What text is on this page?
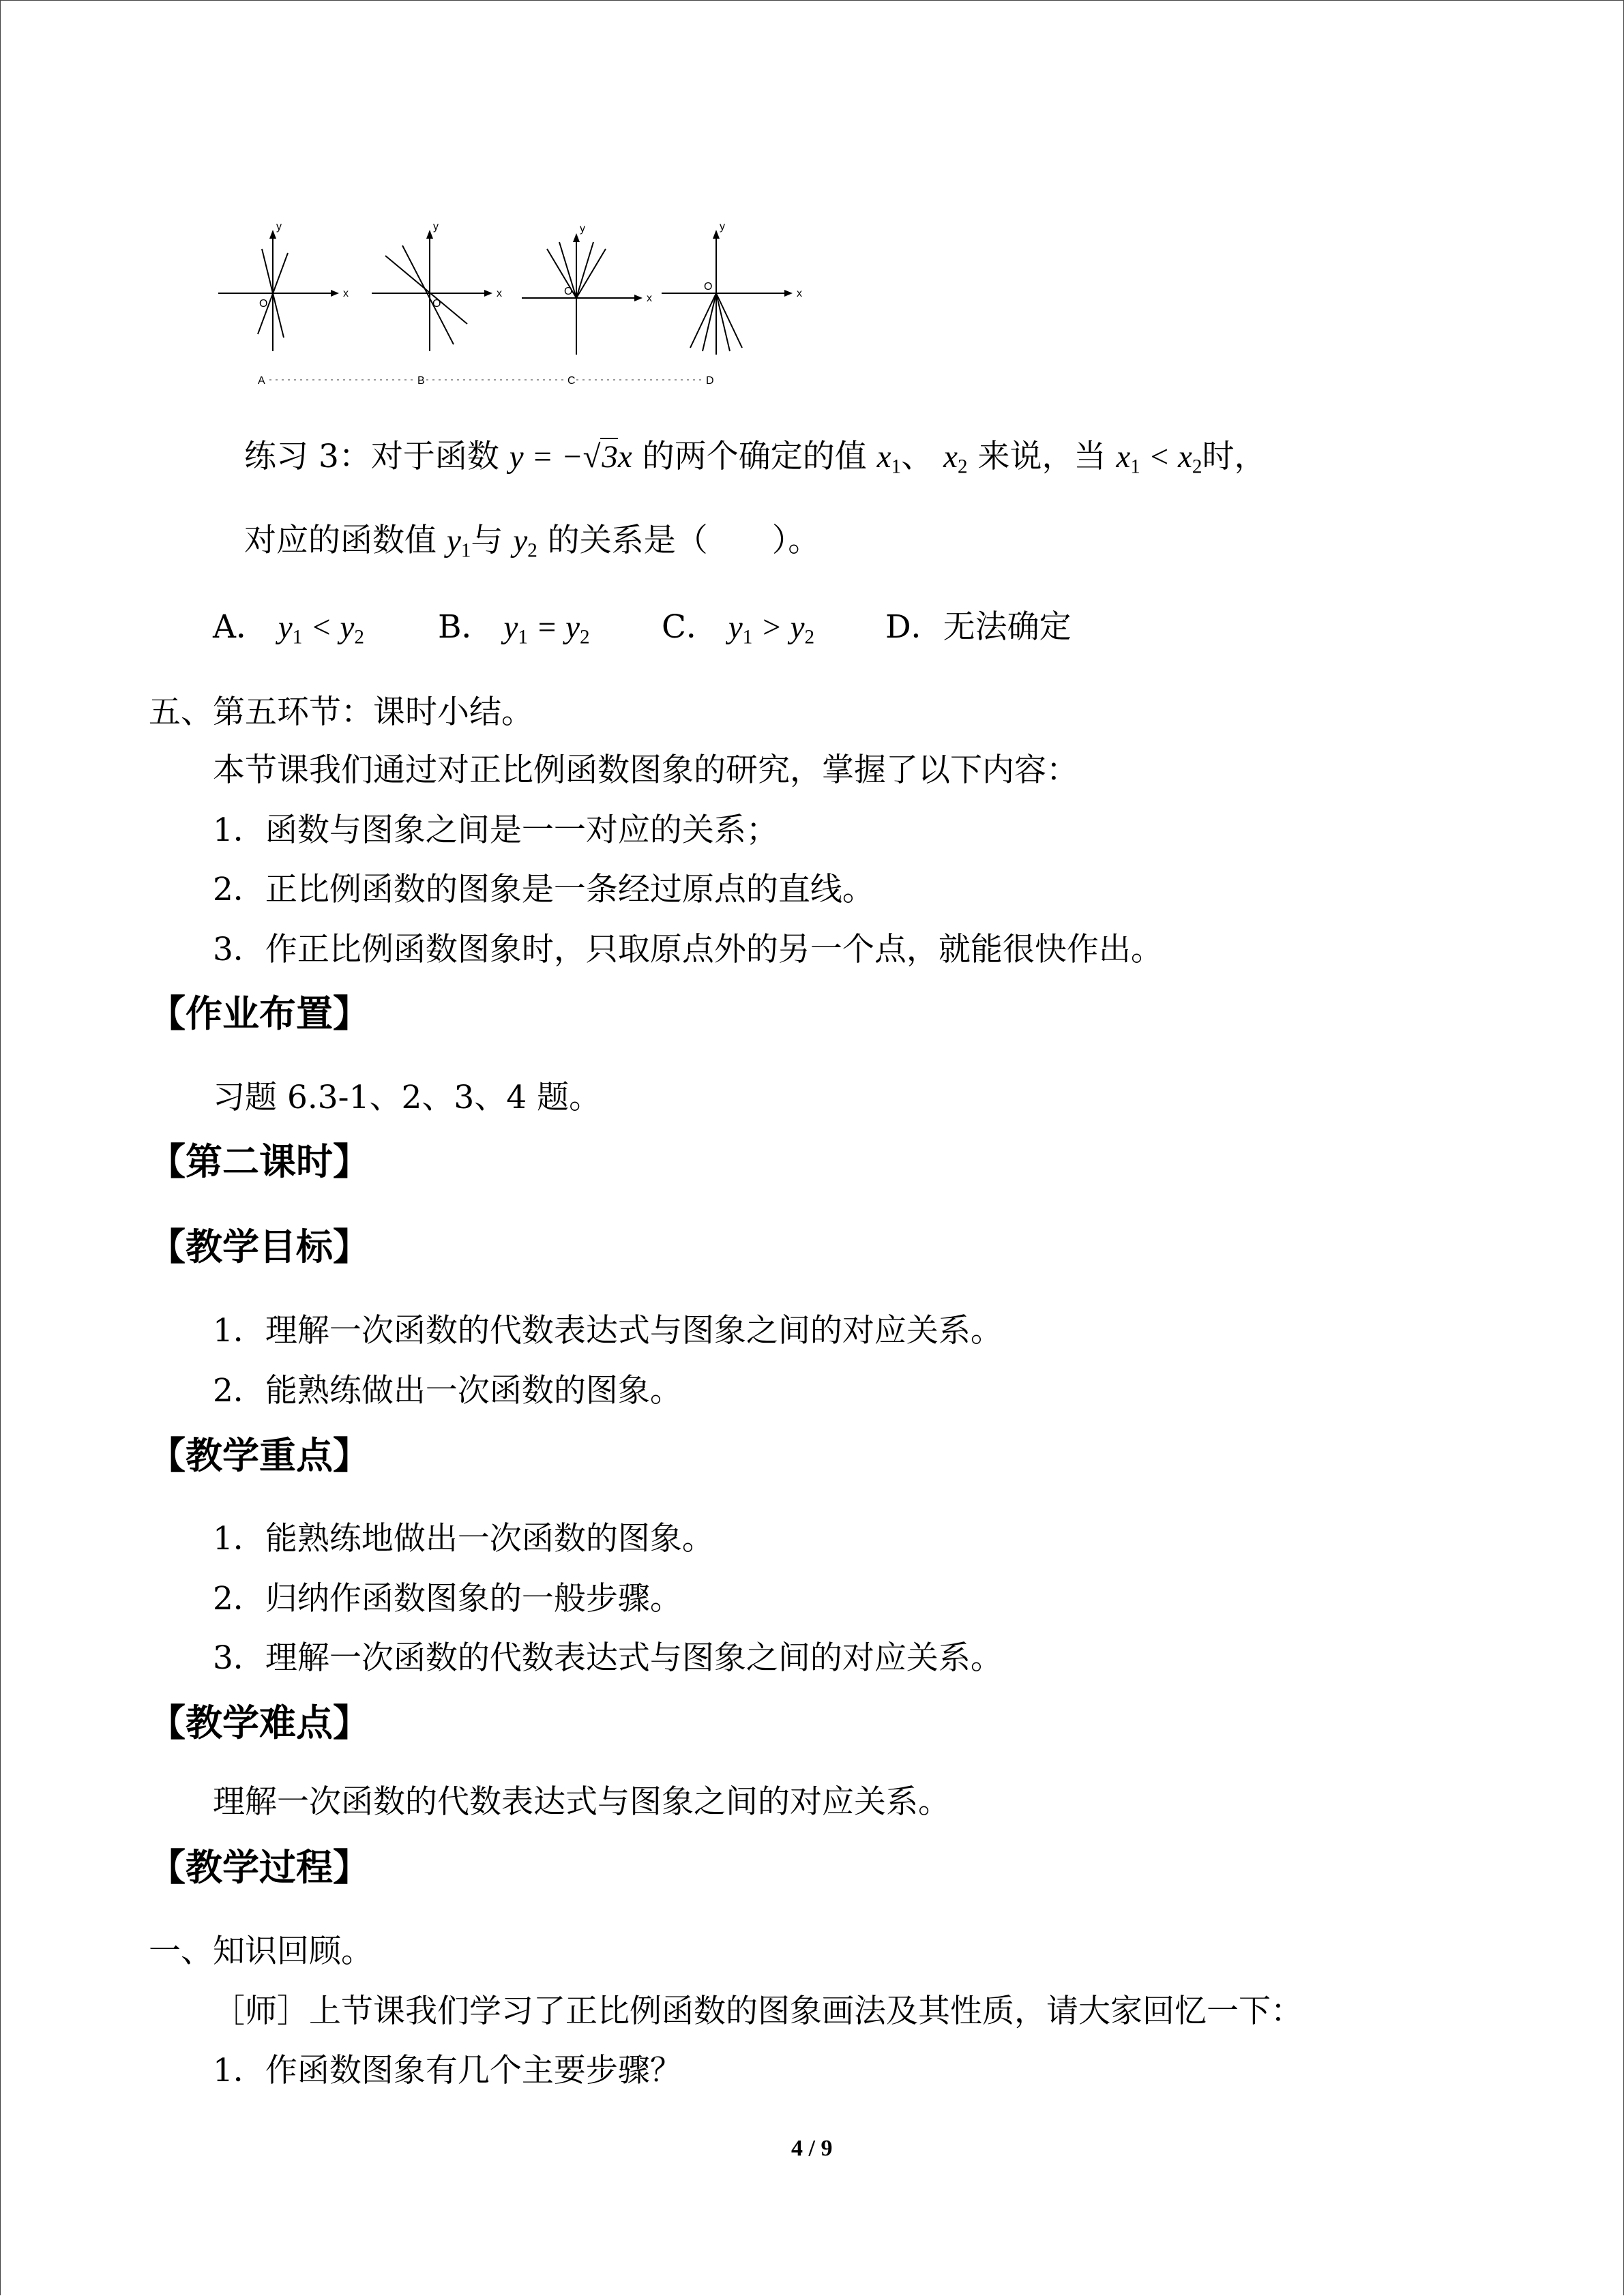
y
x
O
y
x
O
y
x
O
y
x
O
A	B	C	D
练习 3：对于函数 y = −√3x 的两个确定的值 $x_1$、 $x_2$ 来说，当 $x_1 < x_2$时，
对应的函数值 $y_1$与 $y_2$ 的关系是（　　）。
A． $y_1 < y_2$ B． $y_1 = y_2$ C． $y_1 > y_2$ D．无法确定
五、第五环节：课时小结。
本节课我们通过对正比例函数图象的研究，掌握了以下内容：
1．函数与图象之间是一一对应的关系；
2．正比例函数的图象是一条经过原点的直线。
3．作正比例函数图象时，只取原点外的另一个点，就能很快作出。
【作业布置】
习题 6.3-1、2、3、4 题。
【第二课时】
【教学目标】
1．理解一次函数的代数表达式与图象之间的对应关系。
2．能熟练做出一次函数的图象。
【教学重点】
1．能熟练地做出一次函数的图象。
2．归纳作函数图象的一般步骤。
3．理解一次函数的代数表达式与图象之间的对应关系。
【教学难点】
理解一次函数的代数表达式与图象之间的对应关系。
【教学过程】
一、知识回顾。
［师］上节课我们学习了正比例函数的图象画法及其性质，请大家回忆一下：
1．作函数图象有几个主要步骤？
4 / 9
